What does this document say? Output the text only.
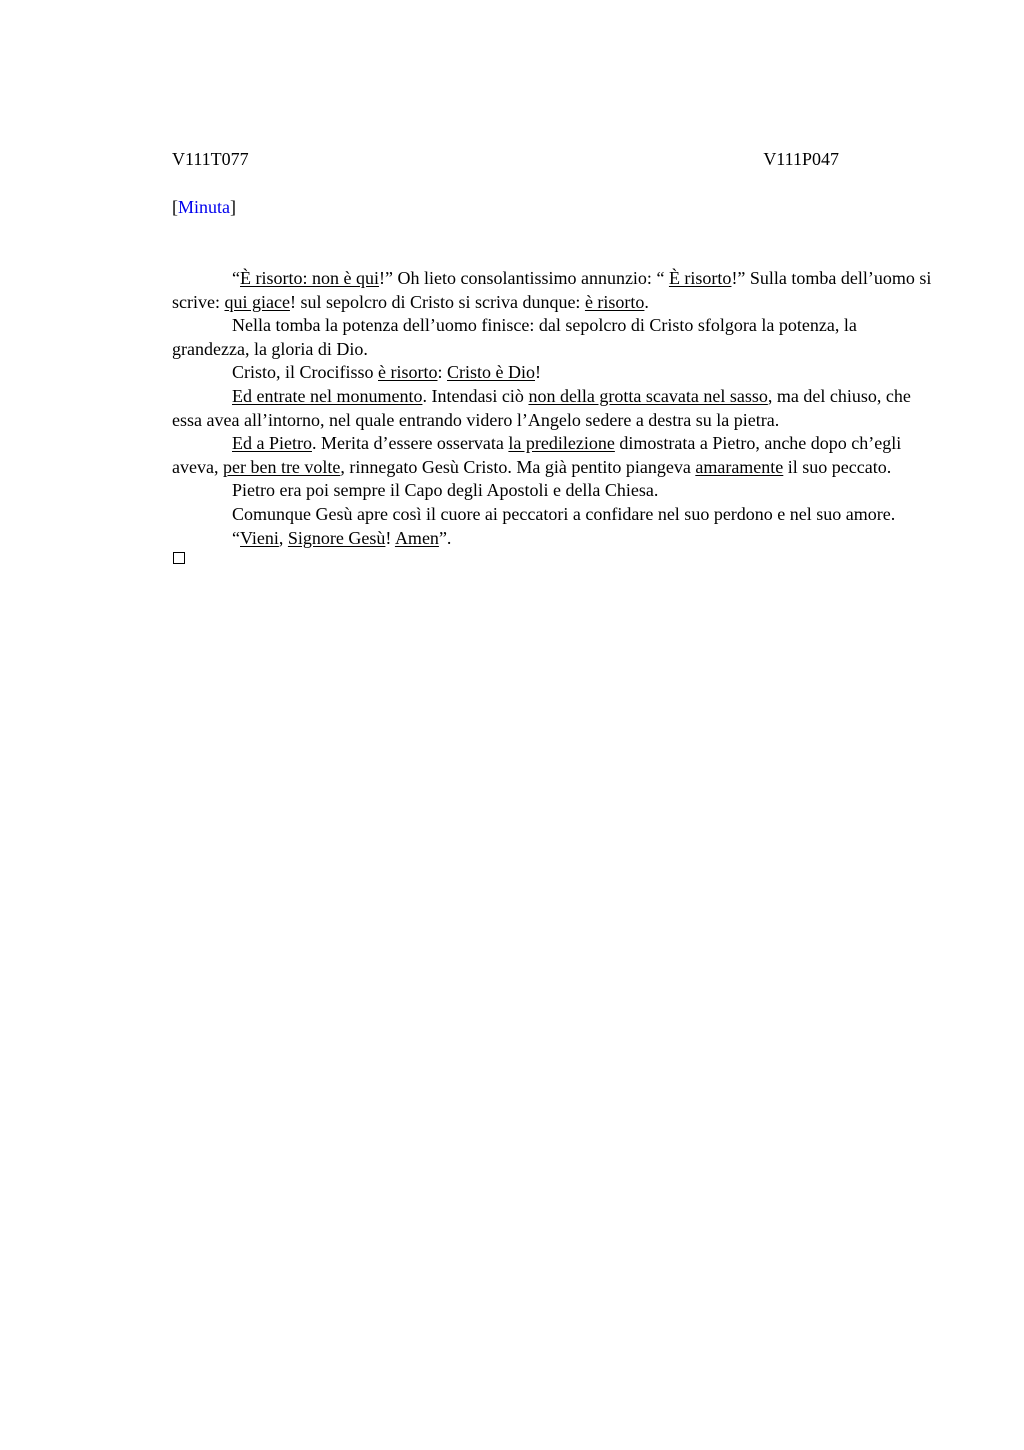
V111T077	V111P047
[Minuta]

“È risorto: non è qui!” Oh lieto consolantissimo annunzio: “ È risorto!” Sulla tomba dell’uomo si scrive: qui giace! sul sepolcro di Cristo si scriva dunque: è risorto.

Nella tomba la potenza dell’uomo finisce: dal sepolcro di Cristo sfolgora la potenza, la grandezza, la gloria di Dio.

Cristo, il Crocifisso è risorto: Cristo è Dio!

Ed entrate nel monumento. Intendasi ciò non della grotta scavata nel sasso, ma del chiuso, che essa avea all’intorno, nel quale entrando videro l’Angelo sedere a destra su la pietra.

Ed a Pietro. Merita d’essere osservata la predilezione dimostrata a Pietro, anche dopo ch’egli aveva, per ben tre volte, rinnegato Gesù Cristo. Ma già pentito piangeva amaramente il suo peccato.

Pietro era poi sempre il Capo degli Apostoli e della Chiesa.

Comunque Gesù apre così il cuore ai peccatori a confidare nel suo perdono e nel suo amore.

“Vieni, Signore Gesù! Amen”.
